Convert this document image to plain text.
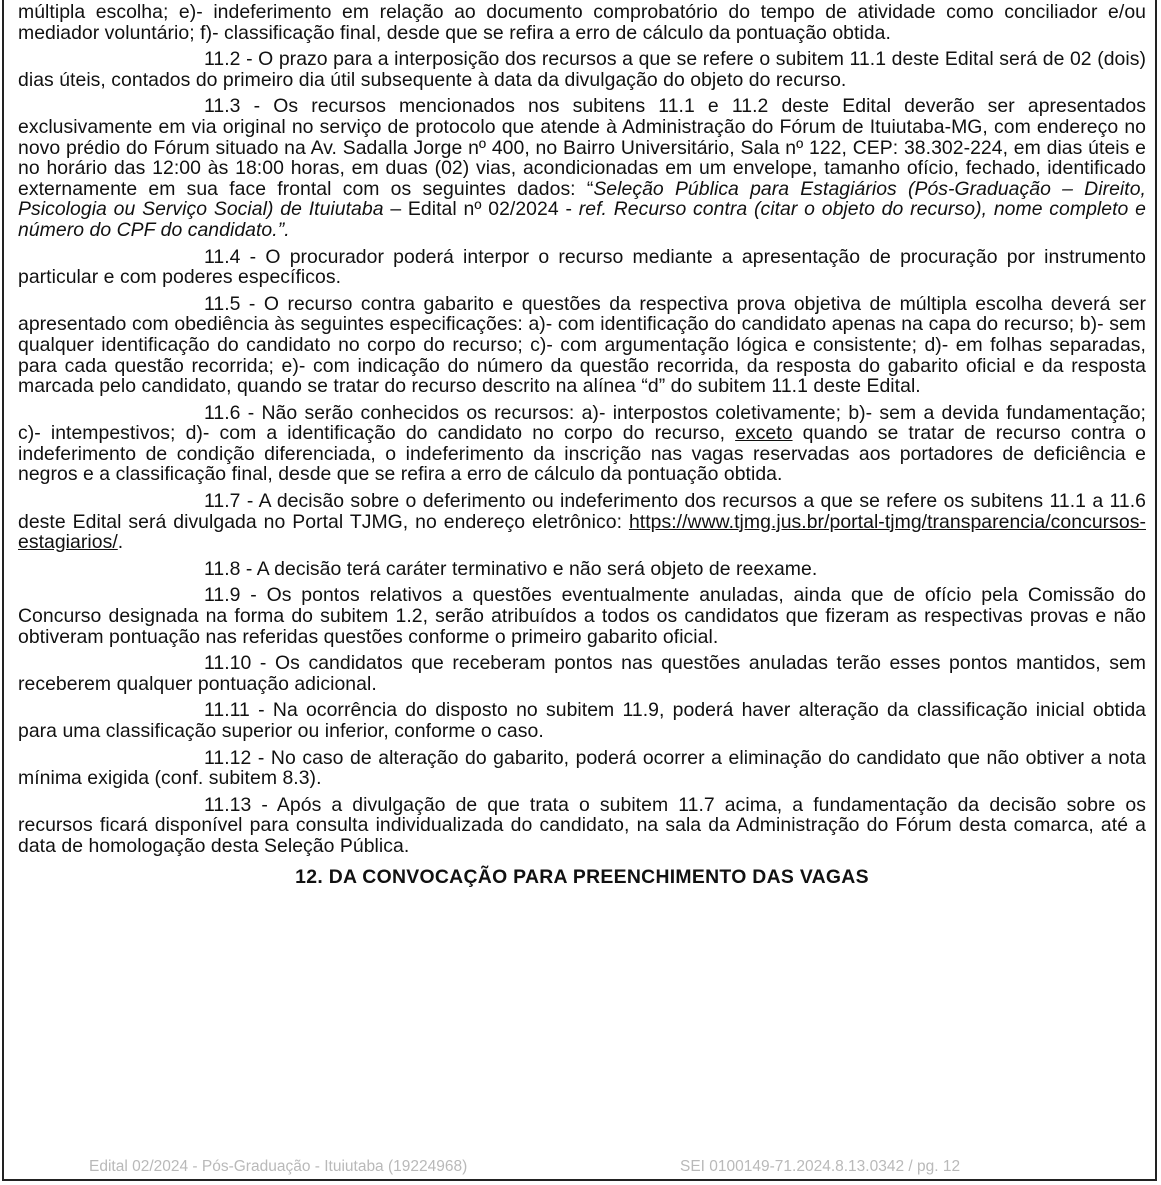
múltipla escolha; e)- indeferimento em relação ao documento comprobatório do tempo de atividade como conciliador e/ou mediador voluntário; f)- classificação final, desde que se refira a erro de cálculo da pontuação obtida.

11.2 - O prazo para a interposição dos recursos a que se refere o subitem 11.1 deste Edital será de 02 (dois) dias úteis, contados do primeiro dia útil subsequente à data da divulgação do objeto do recurso.

11.3 - Os recursos mencionados nos subitens 11.1 e 11.2 deste Edital deverão ser apresentados exclusivamente em via original no serviço de protocolo que atende à Administração do Fórum de Ituiutaba-MG, com endereço no novo prédio do Fórum situado na Av. Sadalla Jorge nº 400, no Bairro Universitário, Sala nº 122, CEP: 38.302-224, em dias úteis e no horário das 12:00 às 18:00 horas, em duas (02) vias, acondicionadas em um envelope, tamanho ofício, fechado, identificado externamente em sua face frontal com os seguintes dados: “Seleção Pública para Estagiários (Pós-Graduação – Direito, Psicologia ou Serviço Social) de Ituiutaba – Edital nº 02/2024 - ref. Recurso contra (citar o objeto do recurso), nome completo e número do CPF do candidato.”.

11.4 - O procurador poderá interpor o recurso mediante a apresentação de procuração por instrumento particular e com poderes específicos.

11.5 - O recurso contra gabarito e questões da respectiva prova objetiva de múltipla escolha deverá ser apresentado com obediência às seguintes especificações: a)- com identificação do candidato apenas na capa do recurso; b)- sem qualquer identificação do candidato no corpo do recurso; c)- com argumentação lógica e consistente; d)- em folhas separadas, para cada questão recorrida; e)- com indicação do número da questão recorrida, da resposta do gabarito oficial e da resposta marcada pelo candidato, quando se tratar do recurso descrito na alínea “d” do subitem 11.1 deste Edital.

11.6 - Não serão conhecidos os recursos: a)- interpostos coletivamente; b)- sem a devida fundamentação; c)- intempestivos; d)- com a identificação do candidato no corpo do recurso, exceto quando se tratar de recurso contra o indeferimento de condição diferenciada, o indeferimento da inscrição nas vagas reservadas aos portadores de deficiência e negros e a classificação final, desde que se refira a erro de cálculo da pontuação obtida.

11.7 - A decisão sobre o deferimento ou indeferimento dos recursos a que se refere os subitens 11.1 a 11.6 deste Edital será divulgada no Portal TJMG, no endereço eletrônico: https://www.tjmg.jus.br/portal-tjmg/transparencia/concursos-estagiarios/.

11.8 - A decisão terá caráter terminativo e não será objeto de reexame.

11.9 - Os pontos relativos a questões eventualmente anuladas, ainda que de ofício pela Comissão do Concurso designada na forma do subitem 1.2, serão atribuídos a todos os candidatos que fizeram as respectivas provas e não obtiveram pontuação nas referidas questões conforme o primeiro gabarito oficial.

11.10 - Os candidatos que receberam pontos nas questões anuladas terão esses pontos mantidos, sem receberem qualquer pontuação adicional.

11.11 - Na ocorrência do disposto no subitem 11.9, poderá haver alteração da classificação inicial obtida para uma classificação superior ou inferior, conforme o caso.

11.12 - No caso de alteração do gabarito, poderá ocorrer a eliminação do candidato que não obtiver a nota mínima exigida (conf. subitem 8.3).

11.13 - Após a divulgação de que trata o subitem 11.7 acima, a fundamentação da decisão sobre os recursos ficará disponível para consulta individualizada do candidato, na sala da Administração do Fórum desta comarca, até a data de homologação desta Seleção Pública.

12. DA CONVOCAÇÃO PARA PREENCHIMENTO DAS VAGAS

Edital 02/2024 - Pós-Graduação - Ituiutaba (19224968)	SEI 0100149-71.2024.8.13.0342 / pg. 12
